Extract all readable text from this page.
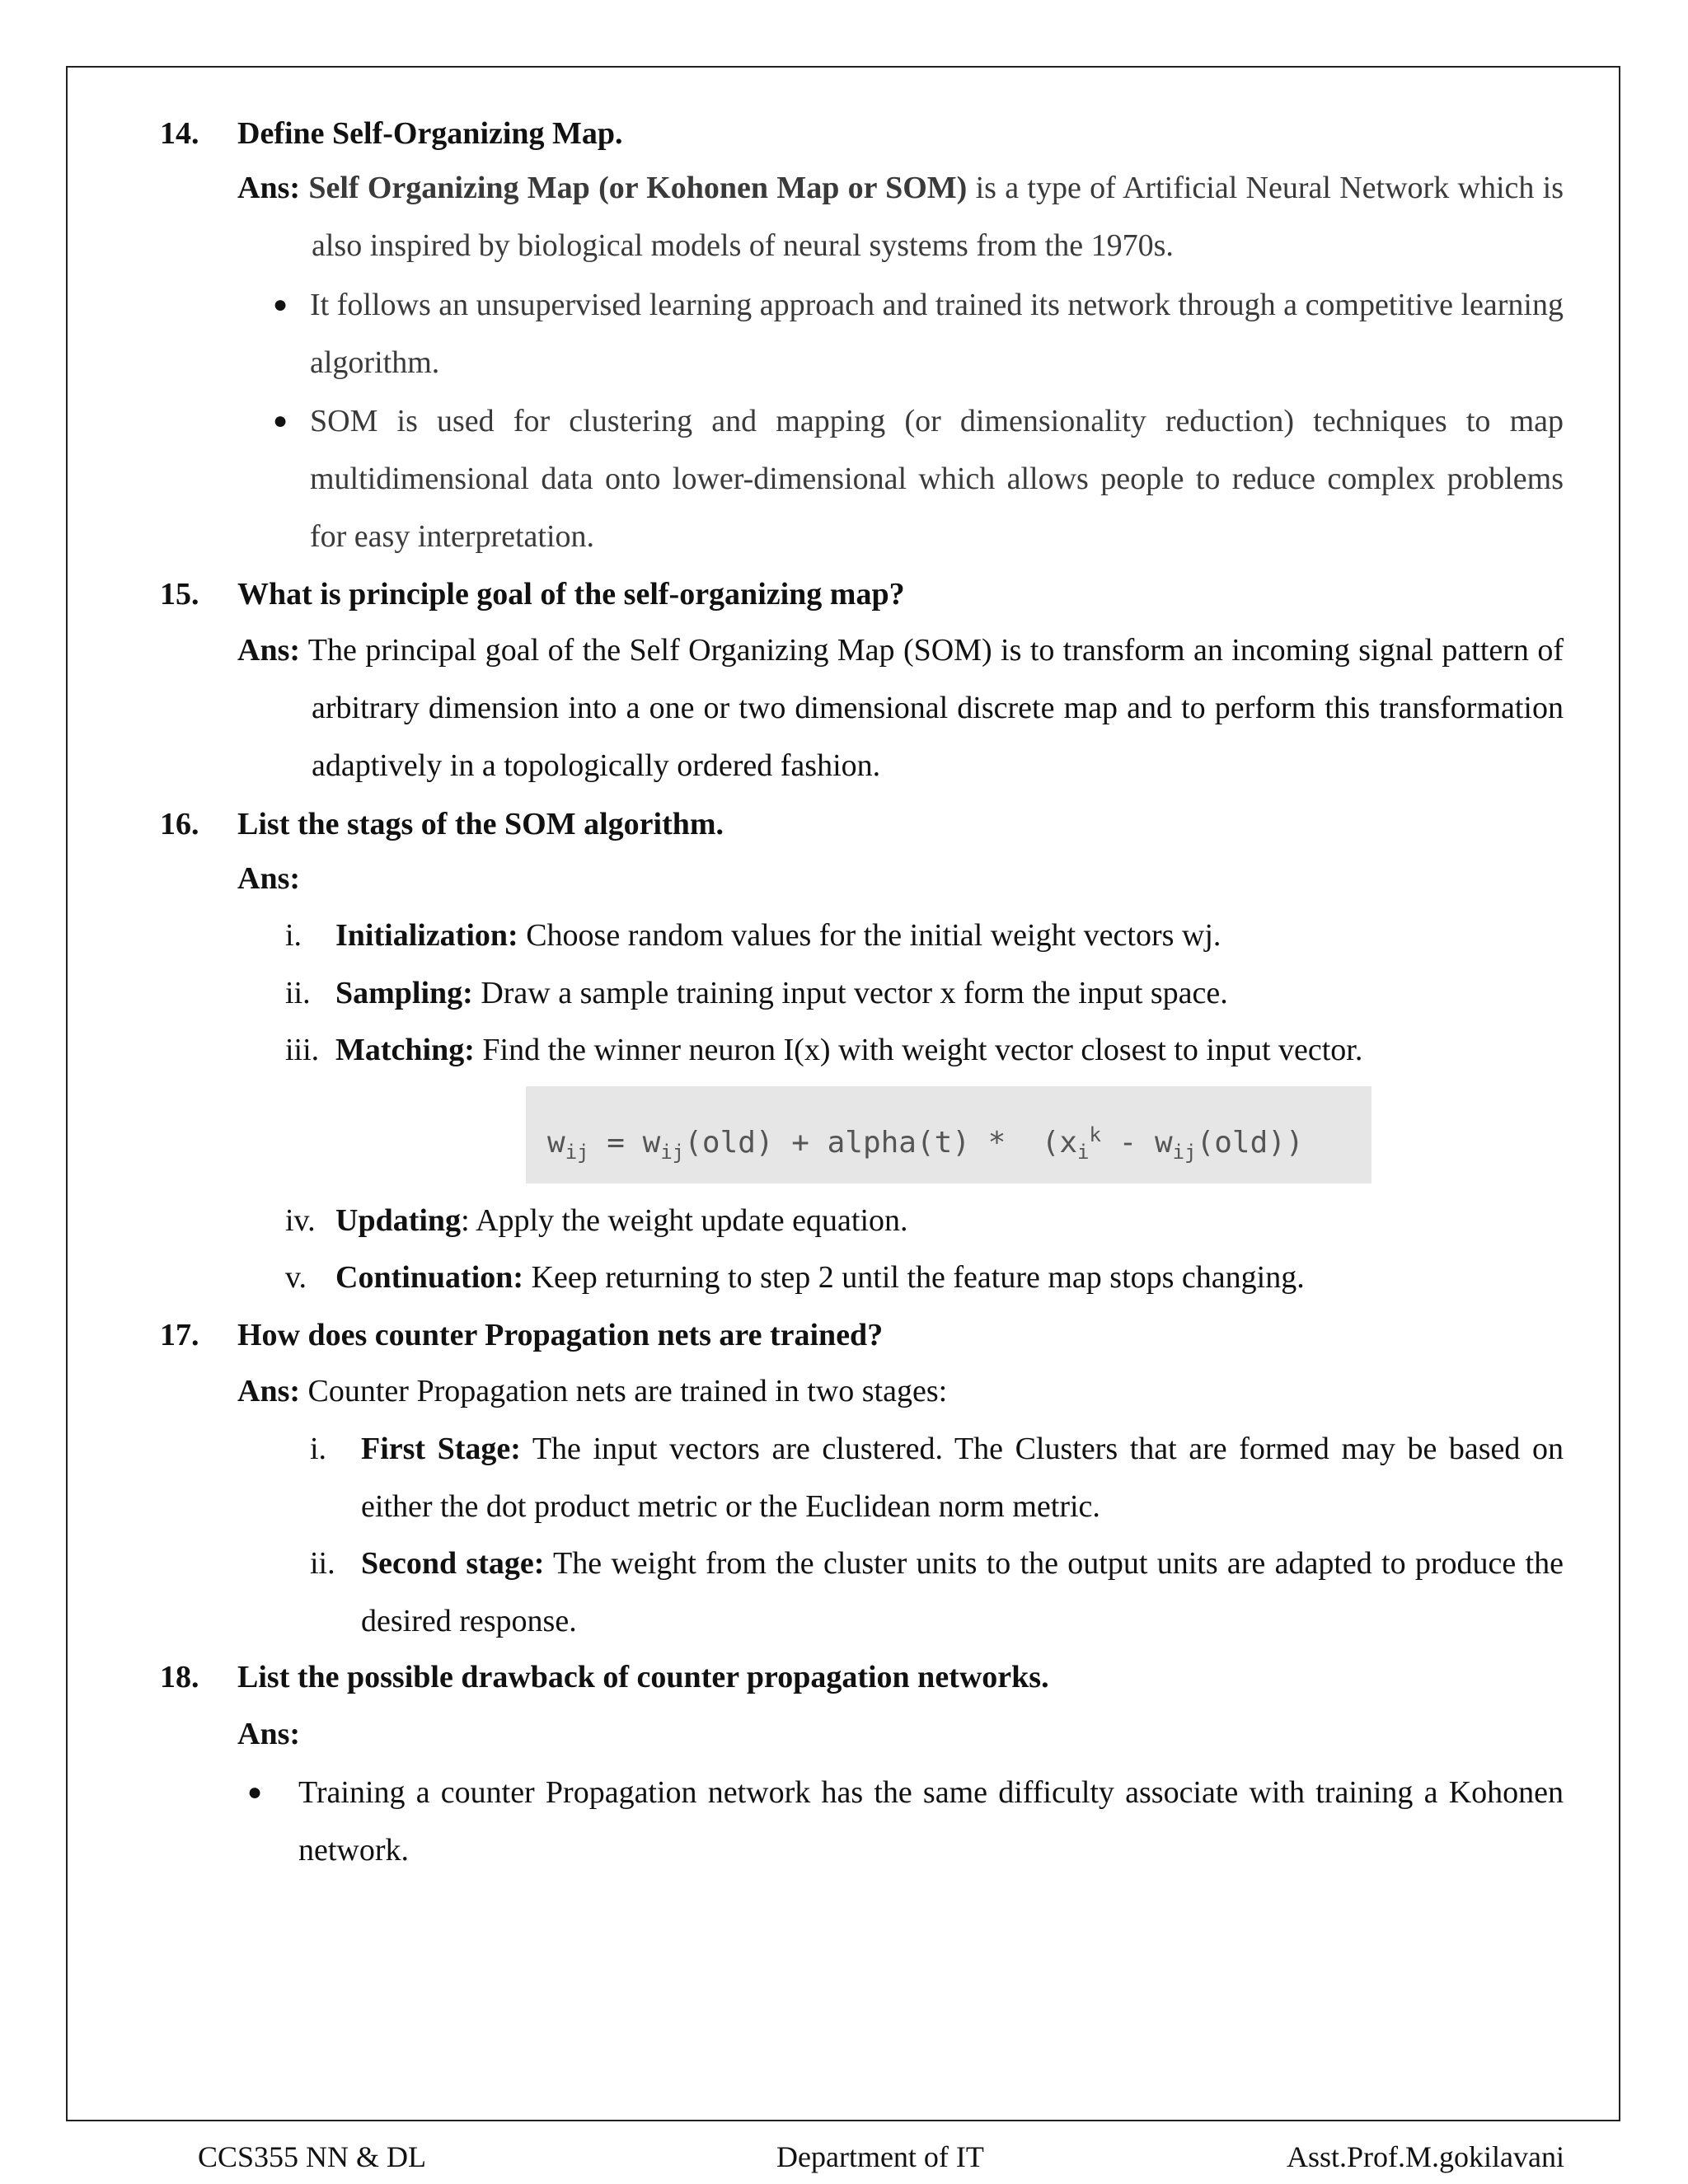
14. Define Self-Organizing Map.
Ans: Self Organizing Map (or Kohonen Map or SOM) is a type of Artificial Neural Network which is also inspired by biological models of neural systems from the 1970s.
● It follows an unsupervised learning approach and trained its network through a competitive learning algorithm.
● SOM is used for clustering and mapping (or dimensionality reduction) techniques to map multidimensional data onto lower-dimensional which allows people to reduce complex problems for easy interpretation.
15. What is principle goal of the self-organizing map?
Ans: The principal goal of the Self Organizing Map (SOM) is to transform an incoming signal pattern of arbitrary dimension into a one or two dimensional discrete map and to perform this transformation adaptively in a topologically ordered fashion.
16. List the stags of the SOM algorithm.
Ans:
i. Initialization: Choose random values for the initial weight vectors wj.
ii. Sampling: Draw a sample training input vector x form the input space.
iii. Matching: Find the winner neuron I(x) with weight vector closest to input vector.
$w_{ij} = w_{ij}(old)$ + alpha(t) *  $(x_i^k - w_{ij}(old))$
iv. Updating: Apply the weight update equation.
v. Continuation: Keep returning to step 2 until the feature map stops changing.
17. How does counter Propagation nets are trained?
Ans: Counter Propagation nets are trained in two stages:
i. First Stage: The input vectors are clustered. The Clusters that are formed may be based on either the dot product metric or the Euclidean norm metric.
ii. Second stage: The weight from the cluster units to the output units are adapted to produce the desired response.
18. List the possible drawback of counter propagation networks.
Ans:
● Training a counter Propagation network has the same difficulty associate with training a Kohonen network.
CCS355 NN & DL	Department of IT	Asst.Prof.M.gokilavani
